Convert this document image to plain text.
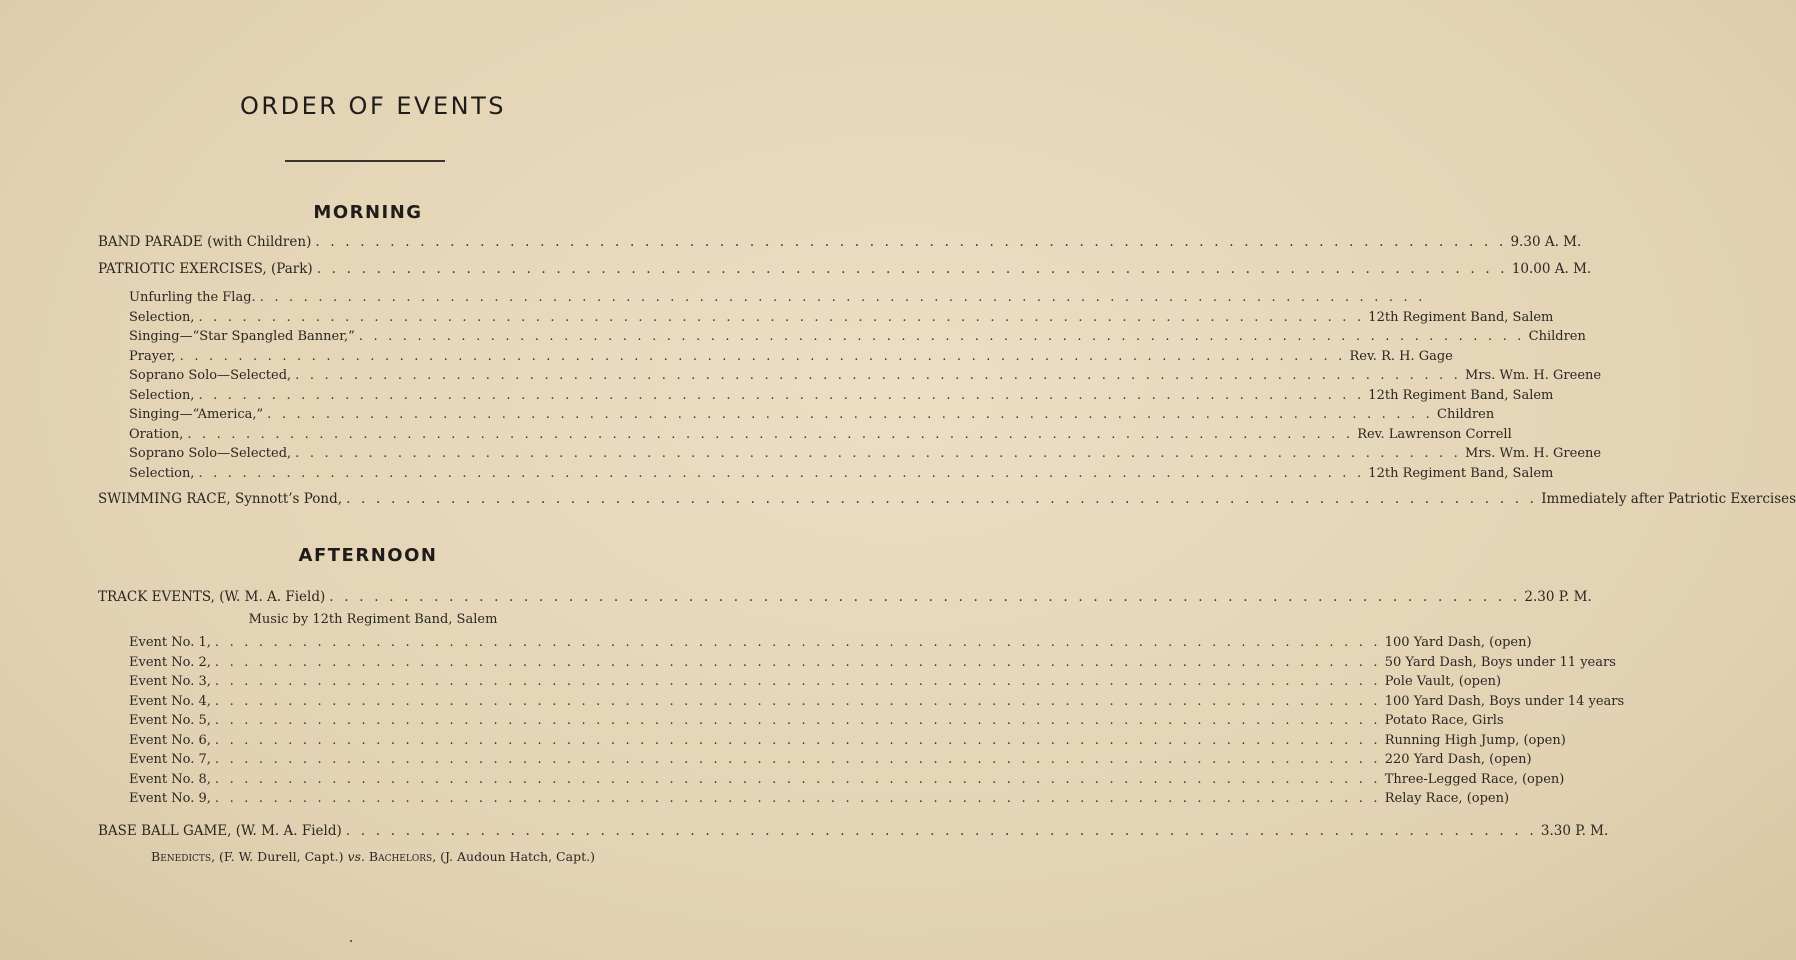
ORDER OF EVENTS
MORNING
BAND PARADE (with Children) . . . . . . . . . . . . . . . . . . . . . . . . . . . . . . . . . . . . . . . . . . . . . . . . . . . . . . . . . . . . . . . . . . . . . . . . . . . . . . . . 9.30 A. M.
PATRIOTIC EXERCISES, (Park) . . . . . . . . . . . . . . . . . . . . . . . . . . . . . . . . . . . . . . . . . . . . . . . . . . . . . . . . . . . . . . . . . . . . . . . . . . . . . . . . 10.00 A. M.
Unfurling the Flag. . . . . . . . . . . . . . . . . . . . . . . . . . . . . . . . . . . . . . . . . . . . . . . . . . . . . . . . . . . . . . . . . . . . . . . . . . . . . . . . .
Selection, . . . . . . . . . . . . . . . . . . . . . . . . . . . . . . . . . . . . . . . . . . . . . . . . . . . . . . . . . . . . . . . . . . . . . . . . . . . . . . . . 12th Regiment Band, Salem
Singing—“Star Spangled Banner,” . . . . . . . . . . . . . . . . . . . . . . . . . . . . . . . . . . . . . . . . . . . . . . . . . . . . . . . . . . . . . . . . . . . . . . . . . . . . . . . . Children
Prayer, . . . . . . . . . . . . . . . . . . . . . . . . . . . . . . . . . . . . . . . . . . . . . . . . . . . . . . . . . . . . . . . . . . . . . . . . . . . . . . . . Rev. R. H. Gage
Soprano Solo—Selected, . . . . . . . . . . . . . . . . . . . . . . . . . . . . . . . . . . . . . . . . . . . . . . . . . . . . . . . . . . . . . . . . . . . . . . . . . . . . . . . . Mrs. Wm. H. Greene
Selection, . . . . . . . . . . . . . . . . . . . . . . . . . . . . . . . . . . . . . . . . . . . . . . . . . . . . . . . . . . . . . . . . . . . . . . . . . . . . . . . . 12th Regiment Band, Salem
Singing—“America,” . . . . . . . . . . . . . . . . . . . . . . . . . . . . . . . . . . . . . . . . . . . . . . . . . . . . . . . . . . . . . . . . . . . . . . . . . . . . . . . . Children
Oration, . . . . . . . . . . . . . . . . . . . . . . . . . . . . . . . . . . . . . . . . . . . . . . . . . . . . . . . . . . . . . . . . . . . . . . . . . . . . . . . . Rev. Lawrenson Correll
Soprano Solo—Selected, . . . . . . . . . . . . . . . . . . . . . . . . . . . . . . . . . . . . . . . . . . . . . . . . . . . . . . . . . . . . . . . . . . . . . . . . . . . . . . . . Mrs. Wm. H. Greene
Selection, . . . . . . . . . . . . . . . . . . . . . . . . . . . . . . . . . . . . . . . . . . . . . . . . . . . . . . . . . . . . . . . . . . . . . . . . . . . . . . . . 12th Regiment Band, Salem
SWIMMING RACE, Synnott’s Pond, . . . . . . . . . . . . . . . . . . . . . . . . . . . . . . . . . . . . . . . . . . . . . . . . . . . . . . . . . . . . . . . . . . . . . . . . . . . . . . . . Immediately after Patriotic Exercises
AFTERNOON
TRACK EVENTS, (W. M. A. Field) . . . . . . . . . . . . . . . . . . . . . . . . . . . . . . . . . . . . . . . . . . . . . . . . . . . . . . . . . . . . . . . . . . . . . . . . . . . . . . . . 2.30 P. M.
Music by 12th Regiment Band, Salem
Event No. 1, . . . . . . . . . . . . . . . . . . . . . . . . . . . . . . . . . . . . . . . . . . . . . . . . . . . . . . . . . . . . . . . . . . . . . . . . . . . . . . . . 100 Yard Dash, (open)
Event No. 2, . . . . . . . . . . . . . . . . . . . . . . . . . . . . . . . . . . . . . . . . . . . . . . . . . . . . . . . . . . . . . . . . . . . . . . . . . . . . . . . . 50 Yard Dash, Boys under 11 years
Event No. 3, . . . . . . . . . . . . . . . . . . . . . . . . . . . . . . . . . . . . . . . . . . . . . . . . . . . . . . . . . . . . . . . . . . . . . . . . . . . . . . . . Pole Vault, (open)
Event No. 4, . . . . . . . . . . . . . . . . . . . . . . . . . . . . . . . . . . . . . . . . . . . . . . . . . . . . . . . . . . . . . . . . . . . . . . . . . . . . . . . . 100 Yard Dash, Boys under 14 years
Event No. 5, . . . . . . . . . . . . . . . . . . . . . . . . . . . . . . . . . . . . . . . . . . . . . . . . . . . . . . . . . . . . . . . . . . . . . . . . . . . . . . . . Potato Race, Girls
Event No. 6, . . . . . . . . . . . . . . . . . . . . . . . . . . . . . . . . . . . . . . . . . . . . . . . . . . . . . . . . . . . . . . . . . . . . . . . . . . . . . . . . Running High Jump, (open)
Event No. 7, . . . . . . . . . . . . . . . . . . . . . . . . . . . . . . . . . . . . . . . . . . . . . . . . . . . . . . . . . . . . . . . . . . . . . . . . . . . . . . . . 220 Yard Dash, (open)
Event No. 8, . . . . . . . . . . . . . . . . . . . . . . . . . . . . . . . . . . . . . . . . . . . . . . . . . . . . . . . . . . . . . . . . . . . . . . . . . . . . . . . . Three-Legged Race, (open)
Event No. 9, . . . . . . . . . . . . . . . . . . . . . . . . . . . . . . . . . . . . . . . . . . . . . . . . . . . . . . . . . . . . . . . . . . . . . . . . . . . . . . . . Relay Race, (open)
BASE BALL GAME, (W. M. A. Field) . . . . . . . . . . . . . . . . . . . . . . . . . . . . . . . . . . . . . . . . . . . . . . . . . . . . . . . . . . . . . . . . . . . . . . . . . . . . . . . . 3.30 P. M.
Benedicts, (F. W. Durell, Capt.) vs. Bachelors, (J. Audoun Hatch, Capt.)
